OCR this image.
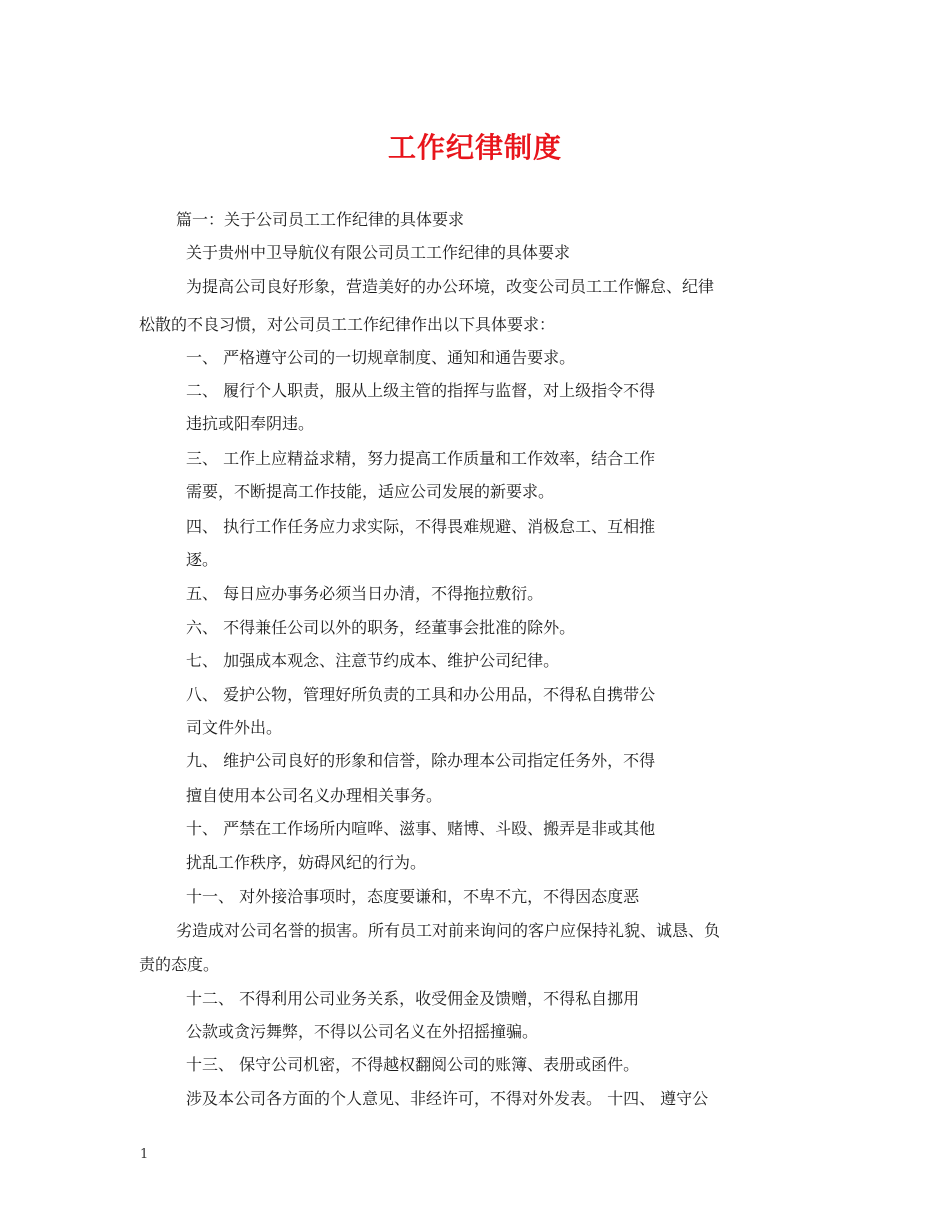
工作纪律制度
篇一：关于公司员工工作纪律的具体要求
关于贵州中卫导航仪有限公司员工工作纪律的具体要求
为提高公司良好形象，营造美好的办公环境，改变公司员工工作懈怠、纪律
松散的不良习惯，对公司员工工作纪律作出以下具体要求：
一、 严格遵守公司的一切规章制度、通知和通告要求。
二、 履行个人职责，服从上级主管的指挥与监督，对上级指令不得
违抗或阳奉阴违。
三、 工作上应精益求精，努力提高工作质量和工作效率，结合工作
需要，不断提高工作技能，适应公司发展的新要求。
四、 执行工作任务应力求实际，不得畏难规避、消极怠工、互相推
逐。
五、 每日应办事务必须当日办清，不得拖拉敷衍。
六、 不得兼任公司以外的职务，经董事会批准的除外。
七、 加强成本观念、注意节约成本、维护公司纪律。
八、 爱护公物，管理好所负责的工具和办公用品，不得私自携带公
司文件外出。
九、 维护公司良好的形象和信誉，除办理本公司指定任务外，不得
擅自使用本公司名义办理相关事务。
十、 严禁在工作场所内喧哗、滋事、赌博、斗殴、搬弄是非或其他
扰乱工作秩序，妨碍风纪的行为。
十一、 对外接洽事项时，态度要谦和，不卑不亢，不得因态度恶
劣造成对公司名誉的损害。所有员工对前来询问的客户应保持礼貌、诚恳、负
责的态度。
十二、 不得利用公司业务关系，收受佣金及馈赠，不得私自挪用
公款或贪污舞弊，不得以公司名义在外招摇撞骗。
十三、 保守公司机密，不得越权翻阅公司的账簿、表册或函件。
涉及本公司各方面的个人意见、非经许可，不得对外发表。 十四、 遵守公
1
